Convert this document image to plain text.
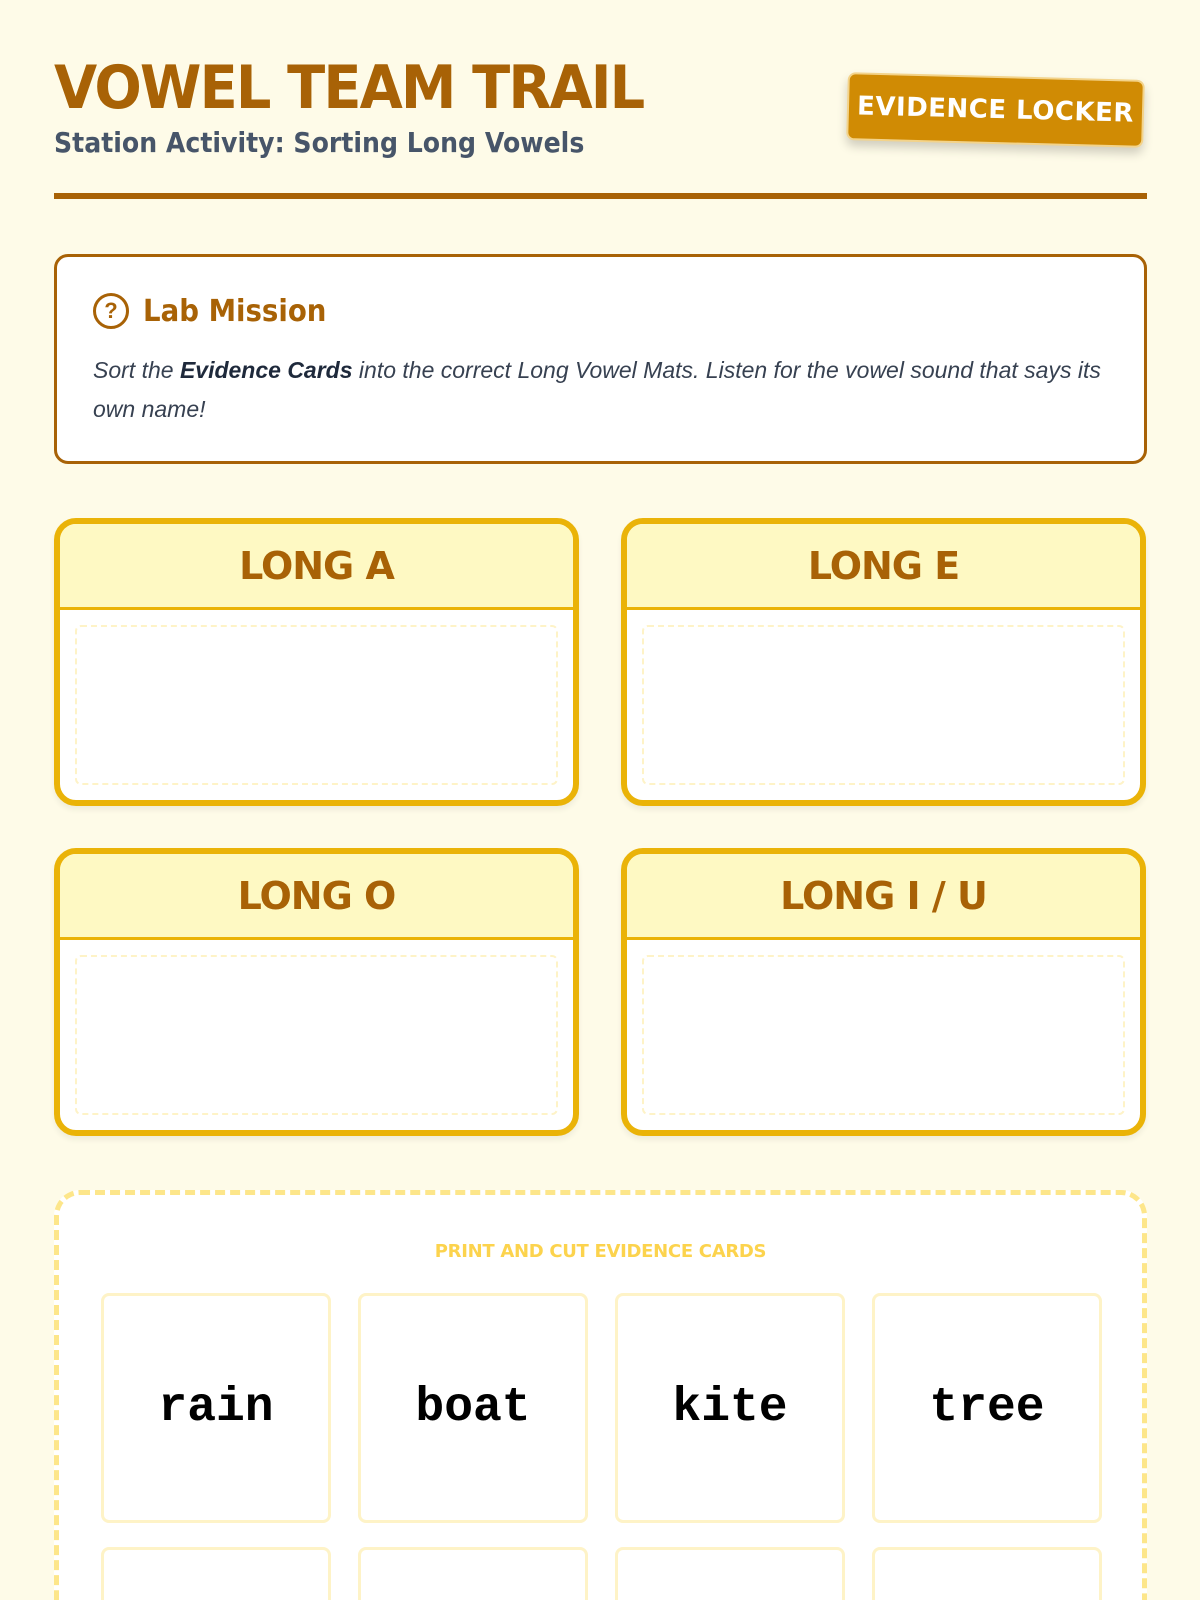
VOWEL TEAM TRAIL
Station Activity: Sorting Long Vowels
EVIDENCE LOCKER
? Lab Mission

Sort the Evidence Cards into the correct Long Vowel Mats. Listen for the vowel sound that says its own name!

LONG A	LONG E
LONG O	LONG I / U
PRINT AND CUT EVIDENCE CARDS
rain	boat	kite	tree
